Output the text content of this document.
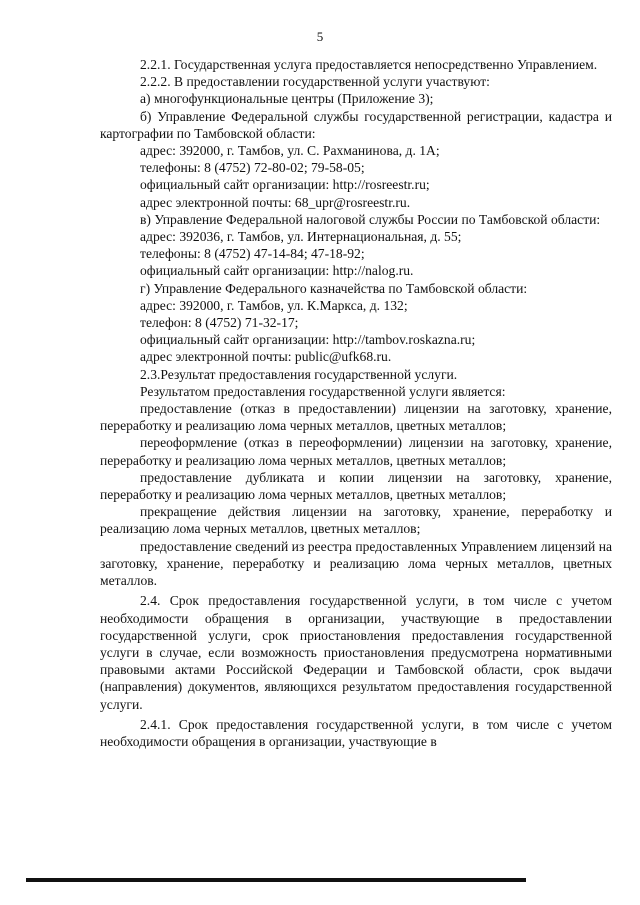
5

2.2.1. Государственная услуга предоставляется непосредственно Управлением.

2.2.2. В предоставлении государственной услуги участвуют:

а) многофункциональные центры (Приложение 3);

б) Управление Федеральной службы государственной регистрации, кадастра и картографии по Тамбовской области:

адрес: 392000, г. Тамбов, ул. С. Рахманинова, д. 1А;

телефоны: 8 (4752) 72-80-02; 79-58-05;

официальный сайт организации: http://rosreestr.ru;

адрес электронной почты: 68_upr@rosreestr.ru.

в) Управление Федеральной налоговой службы России по Тамбовской области:

адрес: 392036, г. Тамбов, ул. Интернациональная, д. 55;

телефоны: 8 (4752) 47-14-84; 47-18-92;

официальный сайт организации: http://nalog.ru.

г) Управление Федерального казначейства по Тамбовской области:

адрес: 392000, г. Тамбов, ул. К.Маркса, д. 132;

телефон: 8 (4752) 71-32-17;

официальный сайт организации: http://tambov.roskazna.ru;

адрес электронной почты: public@ufk68.ru.

2.3.Результат предоставления государственной услуги.

Результатом предоставления государственной услуги является:

предоставление (отказ в предоставлении) лицензии на заготовку, хранение, переработку и реализацию лома черных металлов, цветных металлов;

переоформление (отказ в переоформлении) лицензии на заготовку, хранение, переработку и реализацию лома черных металлов, цветных металлов;

предоставление дубликата и копии лицензии на заготовку, хранение, переработку и реализацию лома черных металлов, цветных металлов;

прекращение действия лицензии на заготовку, хранение, переработку и реализацию лома черных металлов, цветных металлов;

предоставление сведений из реестра предоставленных Управлением лицензий на заготовку, хранение, переработку и реализацию лома черных металлов, цветных металлов.

2.4. Срок предоставления государственной услуги, в том числе с учетом необходимости обращения в организации, участвующие в предоставлении государственной услуги, срок приостановления предоставления государственной услуги в случае, если возможность приостановления предусмотрена нормативными правовыми актами Российской Федерации и Тамбовской области, срок выдачи (направления) документов, являющихся результатом предоставления государственной услуги.

2.4.1. Срок предоставления государственной услуги, в том числе с учетом необходимости обращения в организации, участвующие в
